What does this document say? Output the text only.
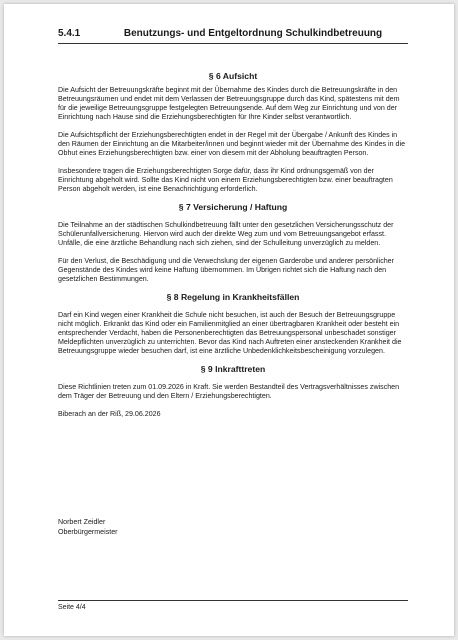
5.4.1	Benutzungs- und Entgeltordnung Schulkindbetreuung
§ 6 Aufsicht

Die Aufsicht der Betreuungskräfte beginnt mit der Übernahme des Kindes durch die Betreuungskräfte in den Betreuungsräumen und endet mit dem Verlassen der Betreuungsgruppe durch das Kind, spätestens mit dem für die jeweilige Betreuungsgruppe festgelegten Betreuungsende. Auf dem Weg zur Einrichtung und von der Einrichtung nach Hause sind die Erziehungsberechtigten für Ihre Kinder selbst verantwortlich.

Die Aufsichtspflicht der Erziehungsberechtigten endet in der Regel mit der Übergabe / Ankunft des Kindes in den Räumen der Einrichtung an die Mitarbeiter/innen und beginnt wieder mit der Übernahme des Kindes in die Obhut eines Erziehungsberechtigten bzw. einer von diesem mit der Abholung beauftragten Person.

Insbesondere tragen die Erziehungsberechtigten Sorge dafür, dass ihr Kind ordnungsgemäß von der Einrichtung abgeholt wird. Sollte das Kind nicht von einem Erziehungsberechtigten bzw. einer beauftragten Person abgeholt werden, ist eine Benachrichtigung erforderlich.

§ 7 Versicherung / Haftung

Die Teilnahme an der städtischen Schulkindbetreuung fällt unter den gesetzlichen Versicherungsschutz der Schülerunfallversicherung. Hiervon wird auch der direkte Weg zum und vom Betreuungsangebot erfasst. Unfälle, die eine ärztliche Behandlung nach sich ziehen, sind der Schulleitung unverzüglich zu melden.

Für den Verlust, die Beschädigung und die Verwechslung der eigenen Garderobe und anderer persönlicher Gegenstände des Kindes wird keine Haftung übernommen. Im Übrigen richtet sich die Haftung nach den gesetzlichen Bestimmungen.

§ 8 Regelung in Krankheitsfällen

Darf ein Kind wegen einer Krankheit die Schule nicht besuchen, ist auch der Besuch der Betreuungsgruppe nicht möglich. Erkrankt das Kind oder ein Familienmitglied an einer übertragbaren Krankheit oder besteht ein entsprechender Verdacht, haben die Personenberechtigten das Betreuungspersonal unbeschadet sonstiger Meldepflichten unverzüglich zu unterrichten. Bevor das Kind nach Auftreten einer ansteckenden Krankheit die Betreuungsgruppe wieder besuchen darf, ist eine ärztliche Unbedenklichkeitsbescheinigung vorzulegen.

§ 9 Inkrafttreten

Diese Richtlinien treten zum 01.09.2026 in Kraft. Sie werden Bestandteil des Vertragsverhältnisses zwischen dem Träger der Betreuung und den Eltern / Erziehungsberechtigten.

Biberach an der Riß, 29.06.2026

Norbert Zeidler
Oberbürgermeister
Seite 4/4
